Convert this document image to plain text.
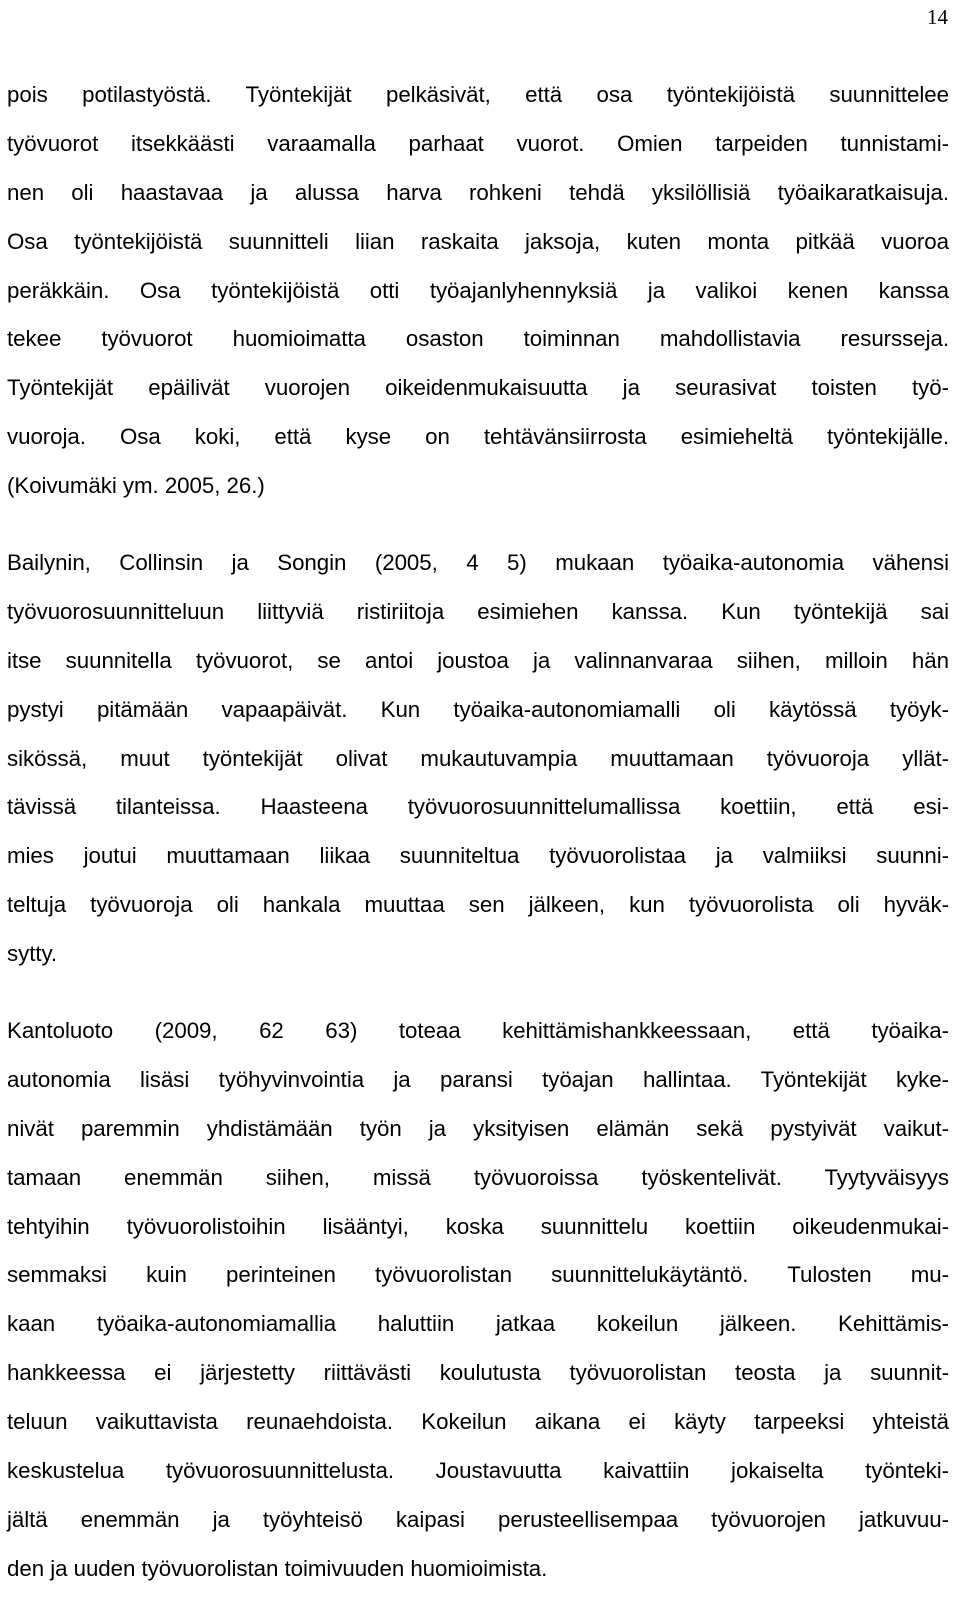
14
pois potilastyöstä. Työntekijät pelkäsivät, että osa työntekijöistä suunnittelee
työvuorot itsekkäästi varaamalla parhaat vuorot. Omien tarpeiden tunnistami-
nen oli haastavaa ja alussa harva rohkeni tehdä yksilöllisiä työaikaratkaisuja.
Osa työntekijöistä suunnitteli liian raskaita jaksoja, kuten monta pitkää vuoroa
peräkkäin. Osa työntekijöistä otti työajanlyhennyksiä ja valikoi kenen kanssa
tekee työvuorot huomioimatta osaston toiminnan mahdollistavia resursseja.
Työntekijät epäilivät vuorojen oikeidenmukaisuutta ja seurasivat toisten työ-
vuoroja. Osa koki, että kyse on tehtävänsiirrosta esimieheltä työntekijälle.
(Koivumäki ym. 2005, 26.)
Bailynin, Collinsin ja Songin (2005, 4 5) mukaan työaika-autonomia vähensi
työvuorosuunnitteluun liittyviä ristiriitoja esimiehen kanssa. Kun työntekijä sai
itse suunnitella työvuorot, se antoi joustoa ja valinnanvaraa siihen, milloin hän
pystyi pitämään vapaapäivät. Kun työaika-autonomiamalli oli käytössä työyk-
sikössä, muut työntekijät olivat mukautuvampia muuttamaan työvuoroja yllät-
tävissä tilanteissa. Haasteena työvuorosuunnittelumallissa koettiin, että esi-
mies joutui muuttamaan liikaa suunniteltua työvuorolistaa ja valmiiksi suunni-
teltuja työvuoroja oli hankala muuttaa sen jälkeen, kun työvuorolista oli hyväk-
sytty.
Kantoluoto (2009, 62 63) toteaa kehittämishankkeessaan, että työaika-
autonomia lisäsi työhyvinvointia ja paransi työajan hallintaa. Työntekijät kyke-
nivät paremmin yhdistämään työn ja yksityisen elämän sekä pystyivät vaikut-
tamaan enemmän siihen, missä työvuoroissa työskentelivät. Tyytyväisyys
tehtyihin työvuorolistoihin lisääntyi, koska suunnittelu koettiin oikeudenmukai-
semmaksi kuin perinteinen työvuorolistan suunnittelukäytäntö. Tulosten mu-
kaan työaika-autonomiamallia haluttiin jatkaa kokeilun jälkeen. Kehittämis-
hankkeessa ei järjestetty riittävästi koulutusta työvuorolistan teosta ja suunnit-
teluun vaikuttavista reunaehdoista. Kokeilun aikana ei käyty tarpeeksi yhteistä
keskustelua työvuorosuunnittelusta. Joustavuutta kaivattiin jokaiselta työnteki-
jältä enemmän ja työyhteisö kaipasi perusteellisempaa työvuorojen jatkuvuu-
den ja uuden työvuorolistan toimivuuden huomioimista.
